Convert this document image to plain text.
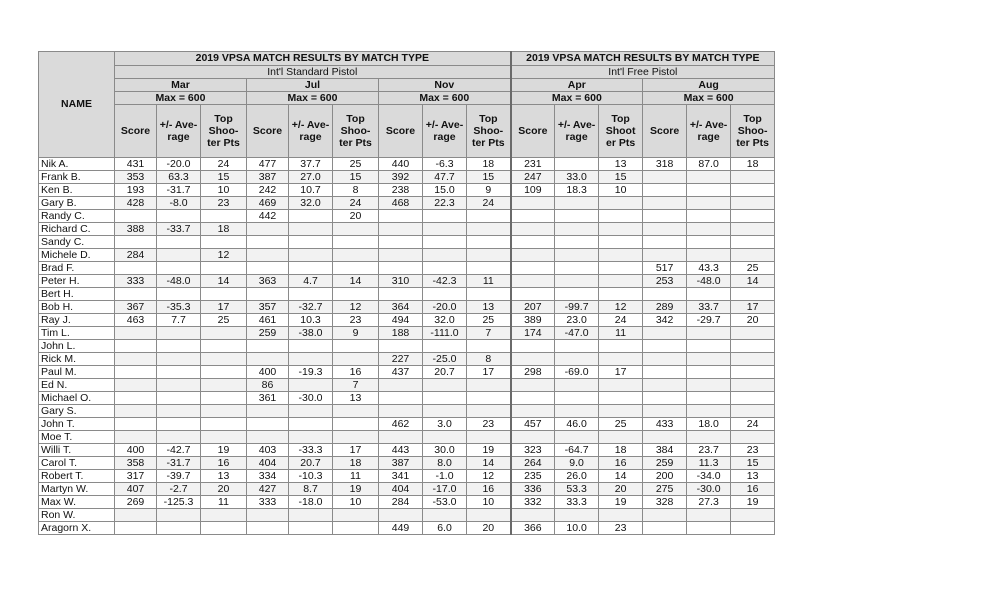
NAME	2019 VPSA MATCH RESULTS BY MATCH TYPE									2019 VPSA MATCH RESULTS BY MATCH TYPE					
	Int'l Standard Pistol									Int'l Free Pistol					
	Mar			Jul			Nov			Apr			Aug		
	Max = 600			Max = 600			Max = 600			Max = 600			Max = 600		
	Score	+/- Ave- rage	Top Shoo- ter Pts	Score	+/- Ave- rage	Top Shoo- ter Pts	Score	+/- Ave- rage	Top Shoo- ter Pts	Score	+/- Ave- rage	Top Shoot er Pts	Score	+/- Ave- rage	Top Shoo- ter Pts
Nik A.	431	-20.0	24	477	37.7	25	440	-6.3	18	231		13	318	87.0	18
Frank B.	353	63.3	15	387	27.0	15	392	47.7	15	247	33.0	15			
Ken B.	193	-31.7	10	242	10.7	8	238	15.0	9	109	18.3	10			
Gary B.	428	-8.0	23	469	32.0	24	468	22.3	24						
Randy C.				442		20									
Richard C.	388	-33.7	18												
Sandy C.															
Michele D.	284		12												
Brad F.													517	43.3	25
Peter H.	333	-48.0	14	363	4.7	14	310	-42.3	11				253	-48.0	14
Bert H.															
Bob H.	367	-35.3	17	357	-32.7	12	364	-20.0	13	207	-99.7	12	289	33.7	17
Ray J.	463	7.7	25	461	10.3	23	494	32.0	25	389	23.0	24	342	-29.7	20
Tim L.				259	-38.0	9	188	-111.0	7	174	-47.0	11			
John L.															
Rick M.							227	-25.0	8						
Paul M.				400	-19.3	16	437	20.7	17	298	-69.0	17			
Ed N.				86		7									
Michael O.				361	-30.0	13									
Gary S.															
John T.							462	3.0	23	457	46.0	25	433	18.0	24
Moe T.															
Willi T.	400	-42.7	19	403	-33.3	17	443	30.0	19	323	-64.7	18	384	23.7	23
Carol T.	358	-31.7	16	404	20.7	18	387	8.0	14	264	9.0	16	259	11.3	15
Robert T.	317	-39.7	13	334	-10.3	11	341	-1.0	12	235	26.0	14	200	-34.0	13
Martyn W.	407	-2.7	20	427	8.7	19	404	-17.0	16	336	53.3	20	275	-30.0	16
Max W.	269	-125.3	11	333	-18.0	10	284	-53.0	10	332	33.3	19	328	27.3	19
Ron W.															
Aragorn X.							449	6.0	20	366	10.0	23			
